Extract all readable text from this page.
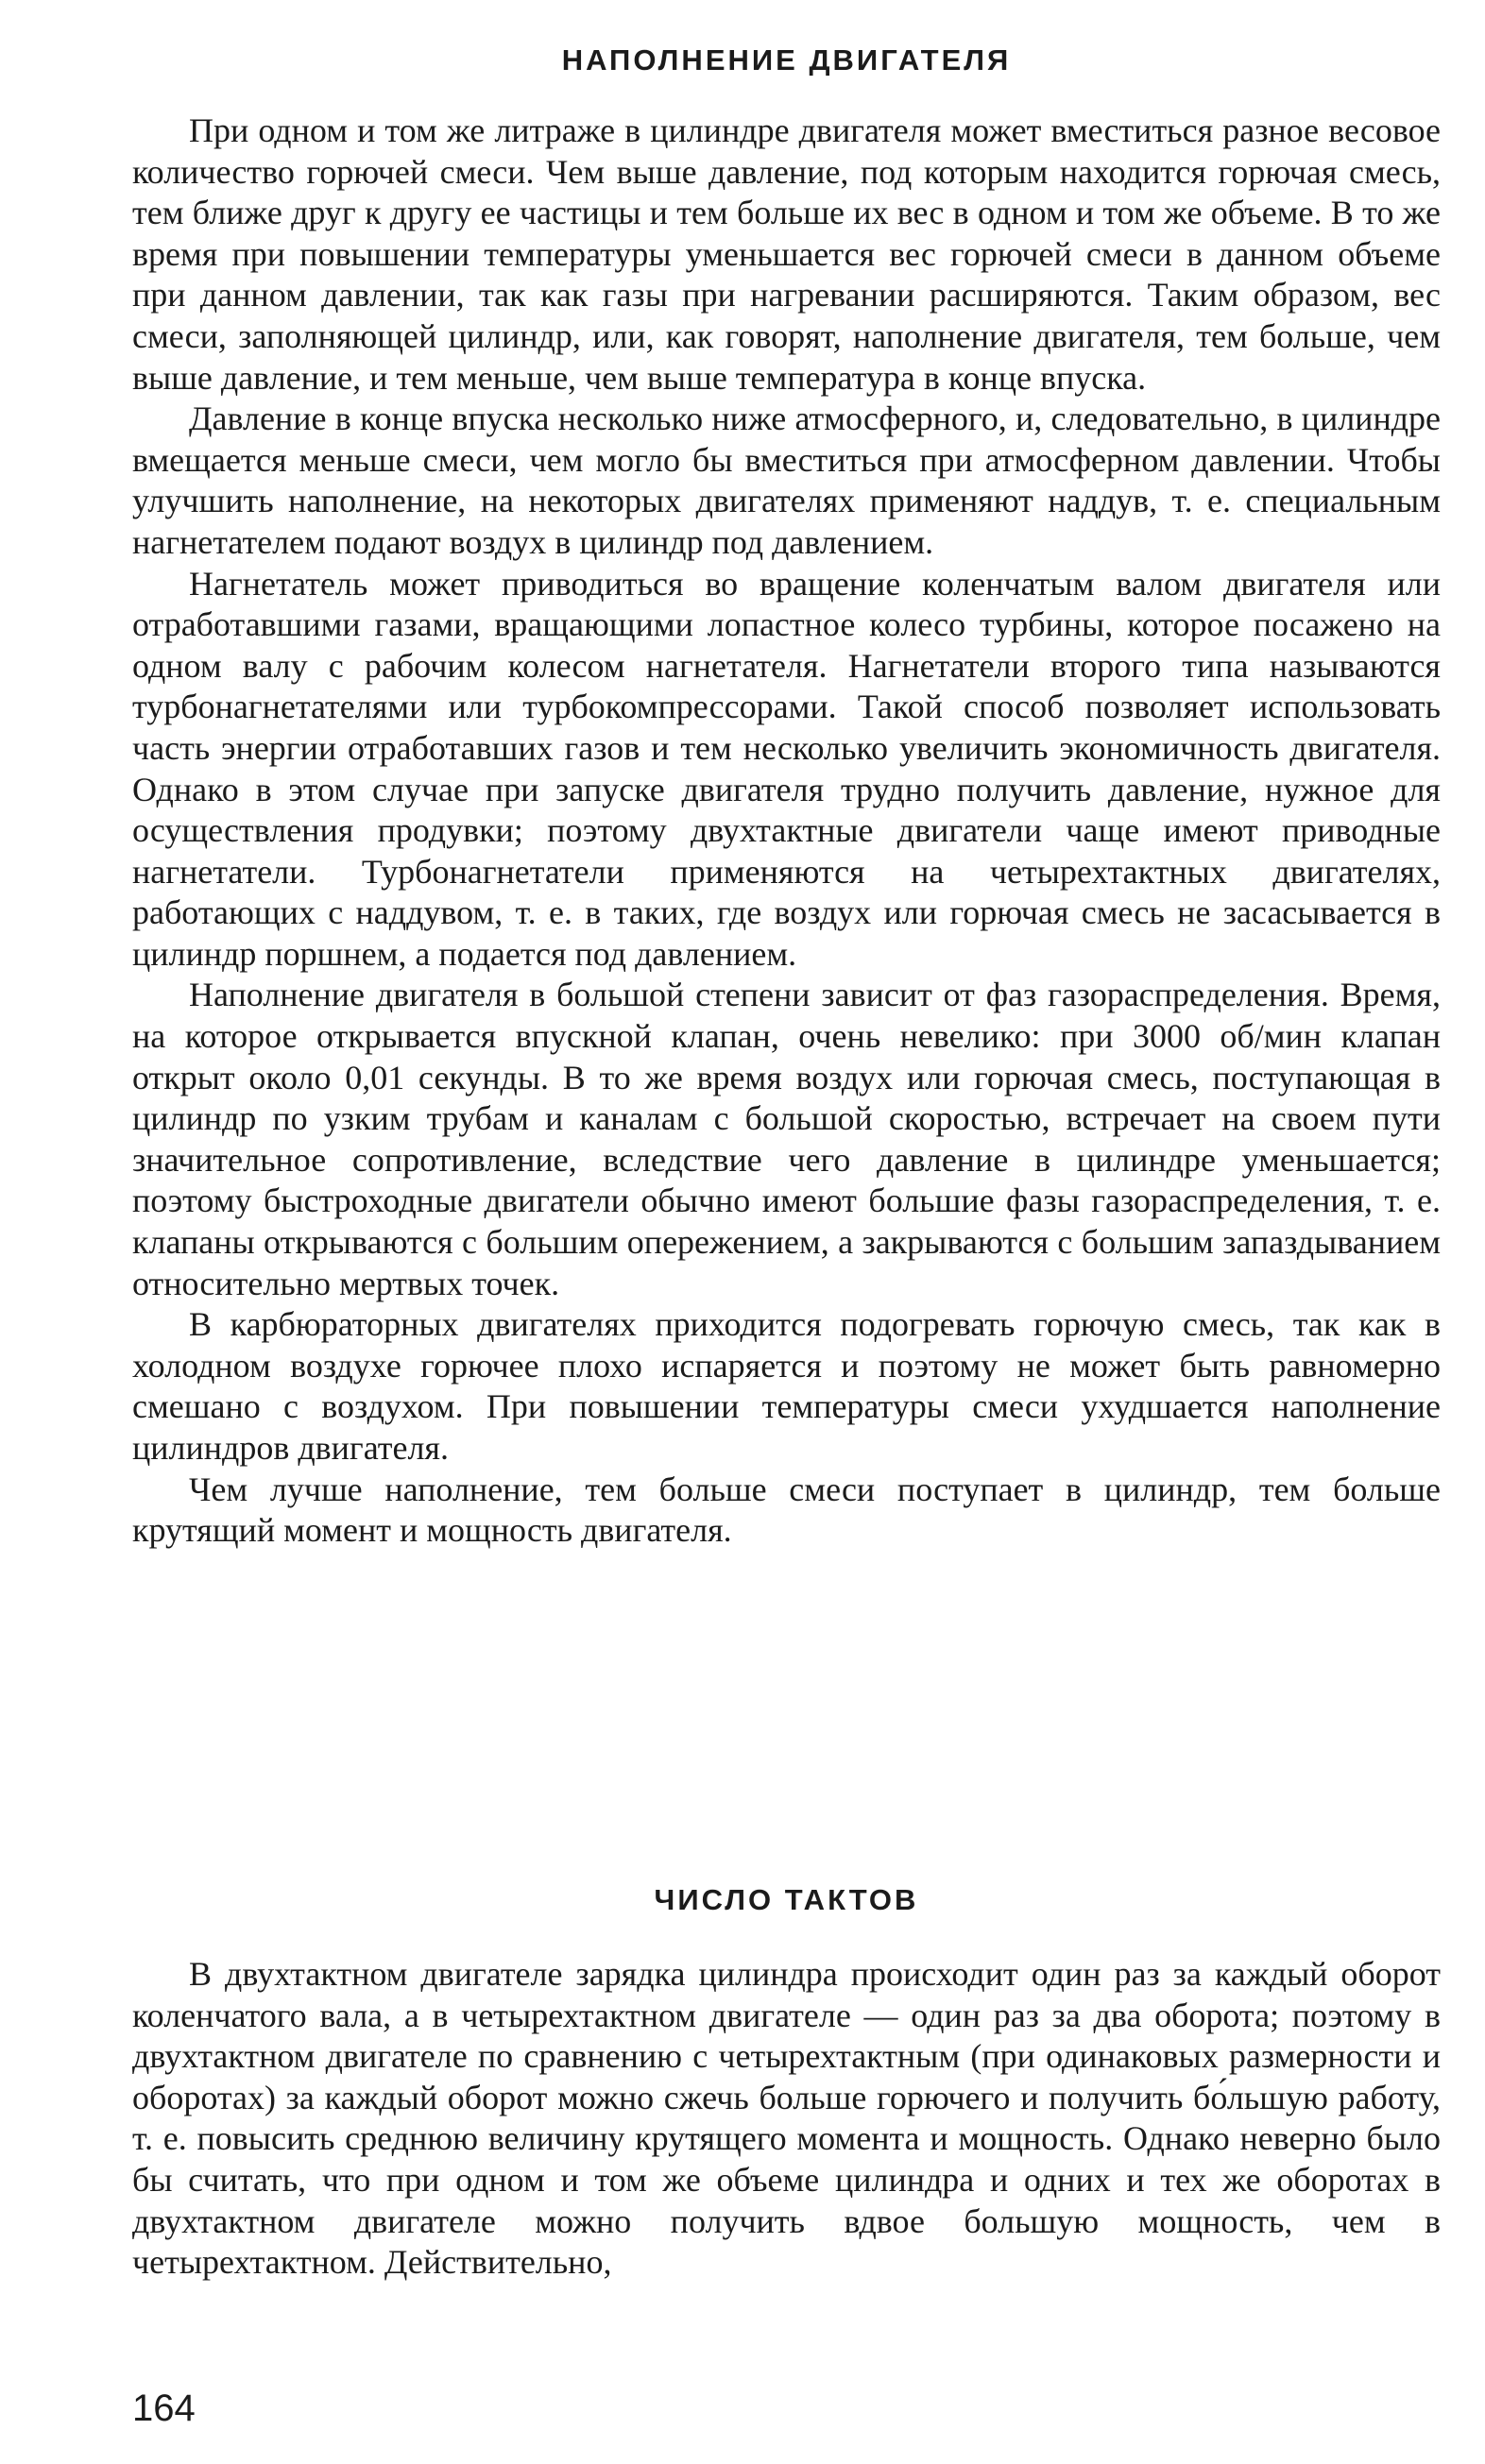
НАПОЛНЕНИЕ ДВИГАТЕЛЯ

При одном и том же литраже в цилиндре двигателя может вместиться разное весовое количество горючей смеси. Чем выше давление, под которым находится горючая смесь, тем ближе друг к другу ее частицы и тем больше их вес в одном и том же объеме. В то же время при повышении температуры уменьшается вес горючей смеси в данном объеме при данном давлении, так как газы при нагревании расширяются. Таким образом, вес смеси, заполняющей цилиндр, или, как говорят, наполнение двигателя, тем больше, чем выше давление, и тем меньше, чем выше температура в конце впуска.

Давление в конце впуска несколько ниже атмосферного, и, следовательно, в цилиндре вмещается меньше смеси, чем могло бы вместиться при атмосферном давлении. Чтобы улучшить наполнение, на некоторых двигателях применяют наддув, т. е. специальным нагнетателем подают воздух в цилиндр под давлением.

Нагнетатель может приводиться во вращение коленчатым валом двигателя или отработавшими газами, вращающими лопастное колесо турбины, которое посажено на одном валу с рабочим колесом нагнетателя. Нагнетатели второго типа называются турбонагнетателями или турбокомпрессорами. Такой способ позволяет использовать часть энергии отработавших газов и тем несколько увеличить экономичность двигателя. Однако в этом случае при запуске двигателя трудно получить давление, нужное для осуществления продувки; поэтому двухтактные двигатели чаще имеют приводные нагнетатели. Турбонагнетатели применяются на четырехтактных двигателях, работающих с наддувом, т. е. в таких, где воздух или горючая смесь не засасывается в цилиндр поршнем, а подается под давлением.

Наполнение двигателя в большой степени зависит от фаз газораспределения. Время, на которое открывается впускной клапан, очень невелико: при 3000 об/мин клапан открыт около 0,01 секунды. В то же время воздух или горючая смесь, поступающая в цилиндр по узким трубам и каналам с большой скоростью, встречает на своем пути значительное сопротивление, вследствие чего давление в цилиндре уменьшается; поэтому быстроходные двигатели обычно имеют большие фазы газораспределения, т. е. клапаны открываются с большим опережением, а закрываются с большим запаздыванием относительно мертвых точек.

В карбюраторных двигателях приходится подогревать горючую смесь, так как в холодном воздухе горючее плохо испаряется и поэтому не может быть равномерно смешано с воздухом. При повышении температуры смеси ухудшается наполнение цилиндров двигателя.

Чем лучше наполнение, тем больше смеси поступает в цилиндр, тем больше крутящий момент и мощность двигателя.

ЧИСЛО ТАКТОВ

В двухтактном двигателе зарядка цилиндра происходит один раз за каждый оборот коленчатого вала, а в четырехтактном двигателе — один раз за два оборота; поэтому в двухтактном двигателе по сравнению с четырехтактным (при одинаковых размерности и оборотах) за каждый оборот можно сжечь больше горючего и получить бо́льшую работу, т. е. повысить среднюю величину крутящего момента и мощность. Однако неверно было бы считать, что при одном и том же объеме цилиндра и одних и тех же оборотах в двухтактном двигателе можно получить вдвое большую мощность, чем в четырехтактном. Действительно,

164
